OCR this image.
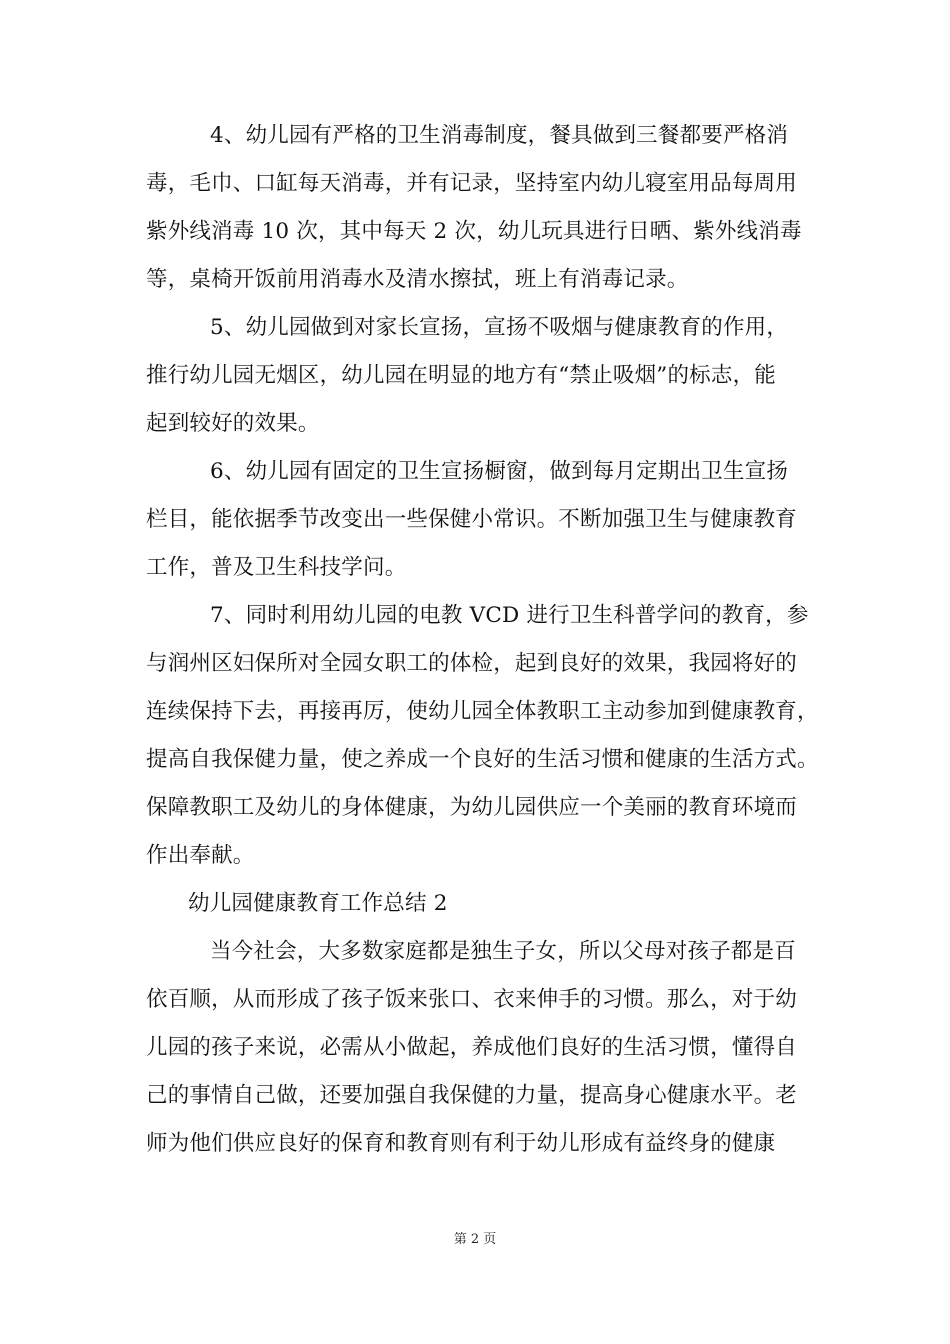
4、幼儿园有严格的卫生消毒制度，餐具做到三餐都要严格消
毒，毛巾、口缸每天消毒，并有记录，坚持室内幼儿寝室用品每周用
紫外线消毒 10 次，其中每天 2 次，幼儿玩具进行日晒、紫外线消毒
等，桌椅开饭前用消毒水及清水擦拭，班上有消毒记录。
5、幼儿园做到对家长宣扬，宣扬不吸烟与健康教育的作用，
推行幼儿园无烟区，幼儿园在明显的地方有“禁止吸烟”的标志，能
起到较好的效果。
6、幼儿园有固定的卫生宣扬橱窗，做到每月定期出卫生宣扬
栏目，能依据季节改变出一些保健小常识。不断加强卫生与健康教育
工作，普及卫生科技学问。
7、同时利用幼儿园的电教 VCD 进行卫生科普学问的教育，参
与润州区妇保所对全园女职工的体检，起到良好的效果，我园将好的
连续保持下去，再接再厉，使幼儿园全体教职工主动参加到健康教育，
提高自我保健力量，使之养成一个良好的生活习惯和健康的生活方式。
保障教职工及幼儿的身体健康，为幼儿园供应一个美丽的教育环境而
作出奉献。
幼儿园健康教育工作总结 2
当今社会，大多数家庭都是独生子女，所以父母对孩子都是百
依百顺，从而形成了孩子饭来张口、衣来伸手的习惯。那么，对于幼
儿园的孩子来说，必需从小做起，养成他们良好的生活习惯，懂得自
己的事情自己做，还要加强自我保健的力量，提高身心健康水平。老
师为他们供应良好的保育和教育则有利于幼儿形成有益终身的健康
第 2 页
